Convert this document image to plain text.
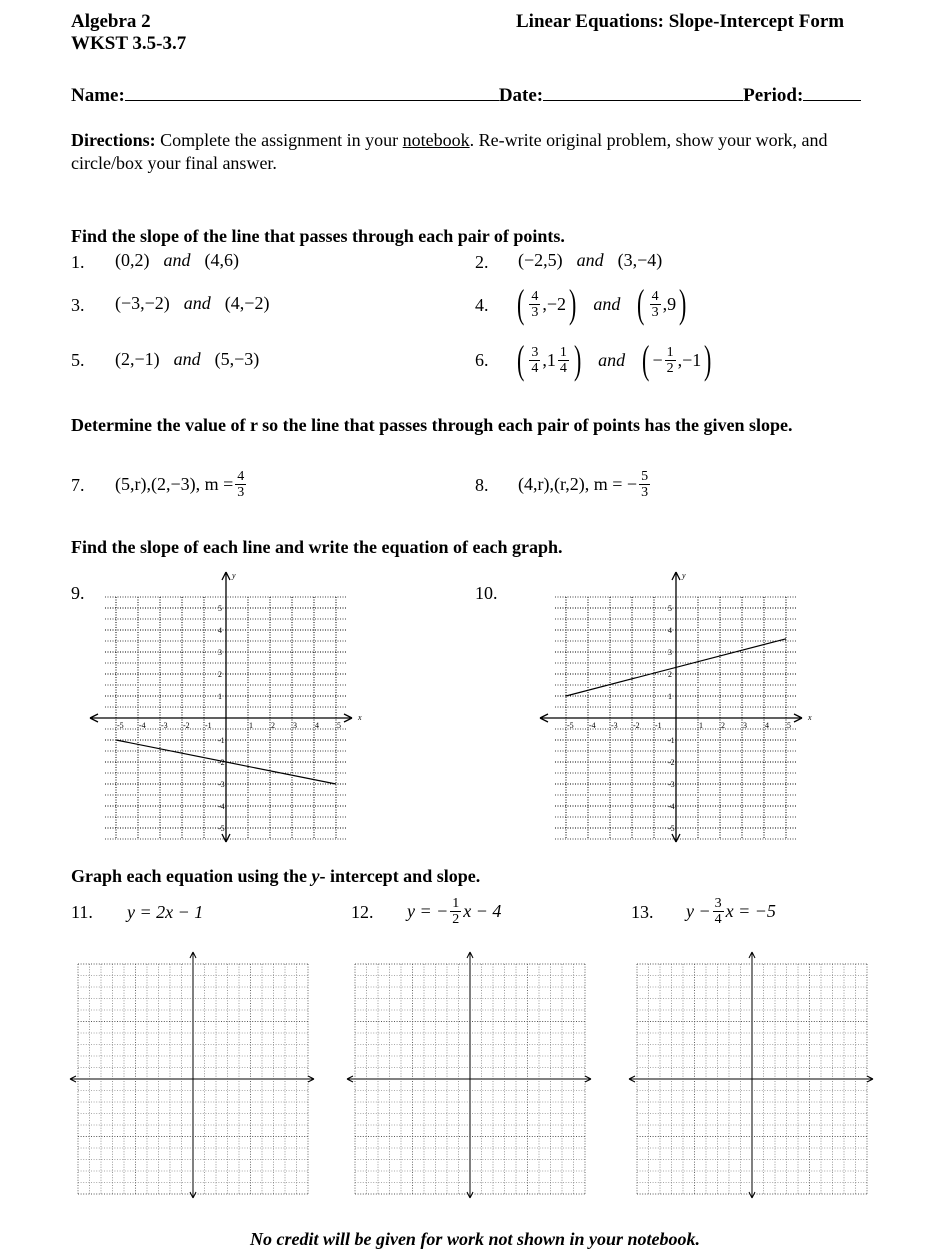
Algebra 2
WKST 3.5-3.7
Linear Equations: Slope-Intercept Form
Name:	Date:	Period:
Directions: Complete the assignment in your notebook. Re-write original problem, show your work, and circle/box your final answer.
Find the slope of the line that passes through each pair of points.
1. (0,2) and (4,6)	2. (−2,5) and (3,−4)
3. (−3,−2) and (4,−2)	4. ( $\frac{4}{3} ,-2$ ) and ( $\frac{4}{3} ,9$ )
5. (2,−1) and (5,−3)	6. ( $\frac{3}{4} ,1 \frac{1}{4}$ ) and ( − $\frac{1}{2} ,-1$ )
Determine the value of r so the line that passes through each pair of points has the given slope.
7. (5,r),(2,−3), $m = \frac{4}{3}$	8. (4,r),(r,2), m = − $\frac{5}{3}$
Find the slope of each line and write the equation of each graph.
9.
-5
-5
-4
-4
-3
-3
-2
-2
-1
-1
1
1
2
2
3
3
4
4
5
5
x
y
10.
-5
-5
-4
-4
-3
-3
-2
-2
-1
-1
1
1
2
2
3
3
4
4
5
5
x
y
Graph each equation using the y- intercept and slope.
11. y = 2x − 1	12. y = − $\frac{1}{2}$ x − 4	13. $y - \frac{3}{4}$ x = −5
No credit will be given for work not shown in your notebook.
